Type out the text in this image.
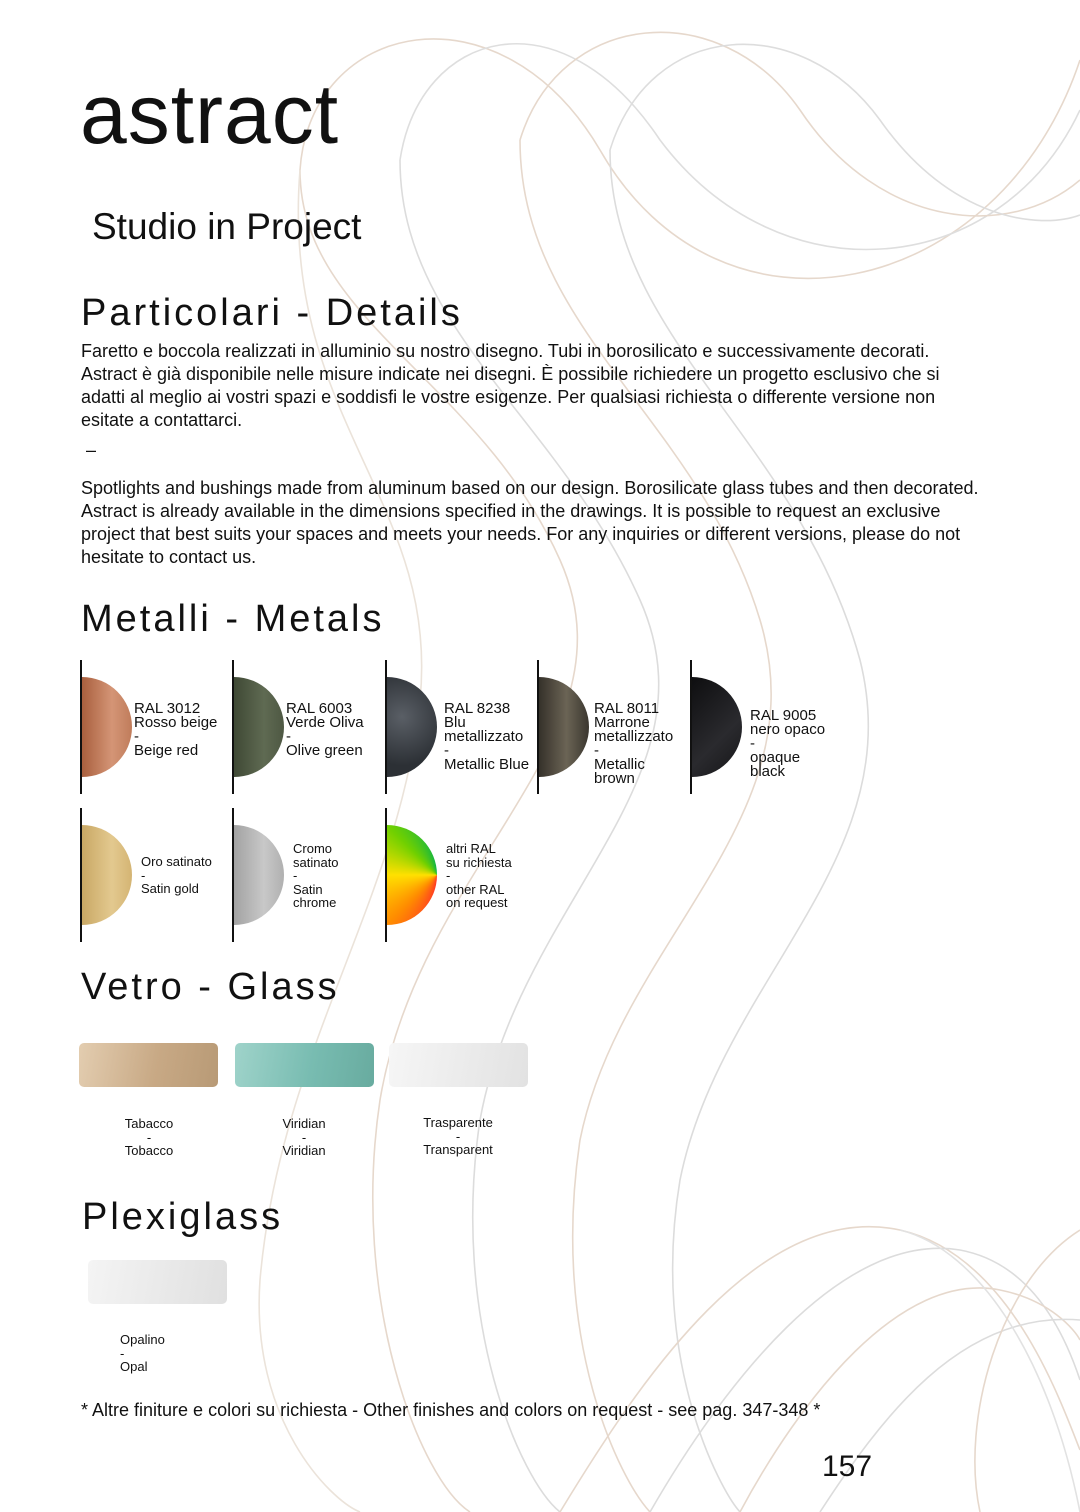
astract
Studio in Project
Particolari - Details

Faretto e boccola realizzati in alluminio su nostro disegno. Tubi in borosilicato e successivamente decorati. Astract è già disponibile nelle misure indicate nei disegni. È possibile richiedere un progetto esclusivo che si adatti al meglio ai vostri spazi e soddisfi le vostre esigenze. Per qualsiasi richiesta o differente versione non esitate a contattarci.

–

Spotlights and bushings made from aluminum based on our design. Borosilicate glass tubes and then decorated. Astract is already available in the dimensions specified in the drawings. It is possible to request an exclusive project that best suits your spaces and meets your needs. For any inquiries or different versions, please do not hesitate to contact us.

Metalli - Metals
RAL 3012
Rosso beige
-
Beige red
RAL 6003
Verde Oliva
-
Olive green
RAL 8238
Blu
metallizzato
-
Metallic Blue
RAL 8011
Marrone
metallizzato
-
Metallic
brown
RAL 9005
nero opaco
-
opaque
black
Oro satinato
-
Satin gold
Cromo
satinato
-
Satin
chrome
altri RAL
su richiesta
-
other RAL
on request
Vetro - Glass
Tabacco
-
Tobacco
Viridian
-
Viridian
Trasparente
-
Transparent
Plexiglass
Opalino
-
Opal
* Altre finiture e colori su richiesta - Other finishes and colors on request - see pag. 347-348 *
157
